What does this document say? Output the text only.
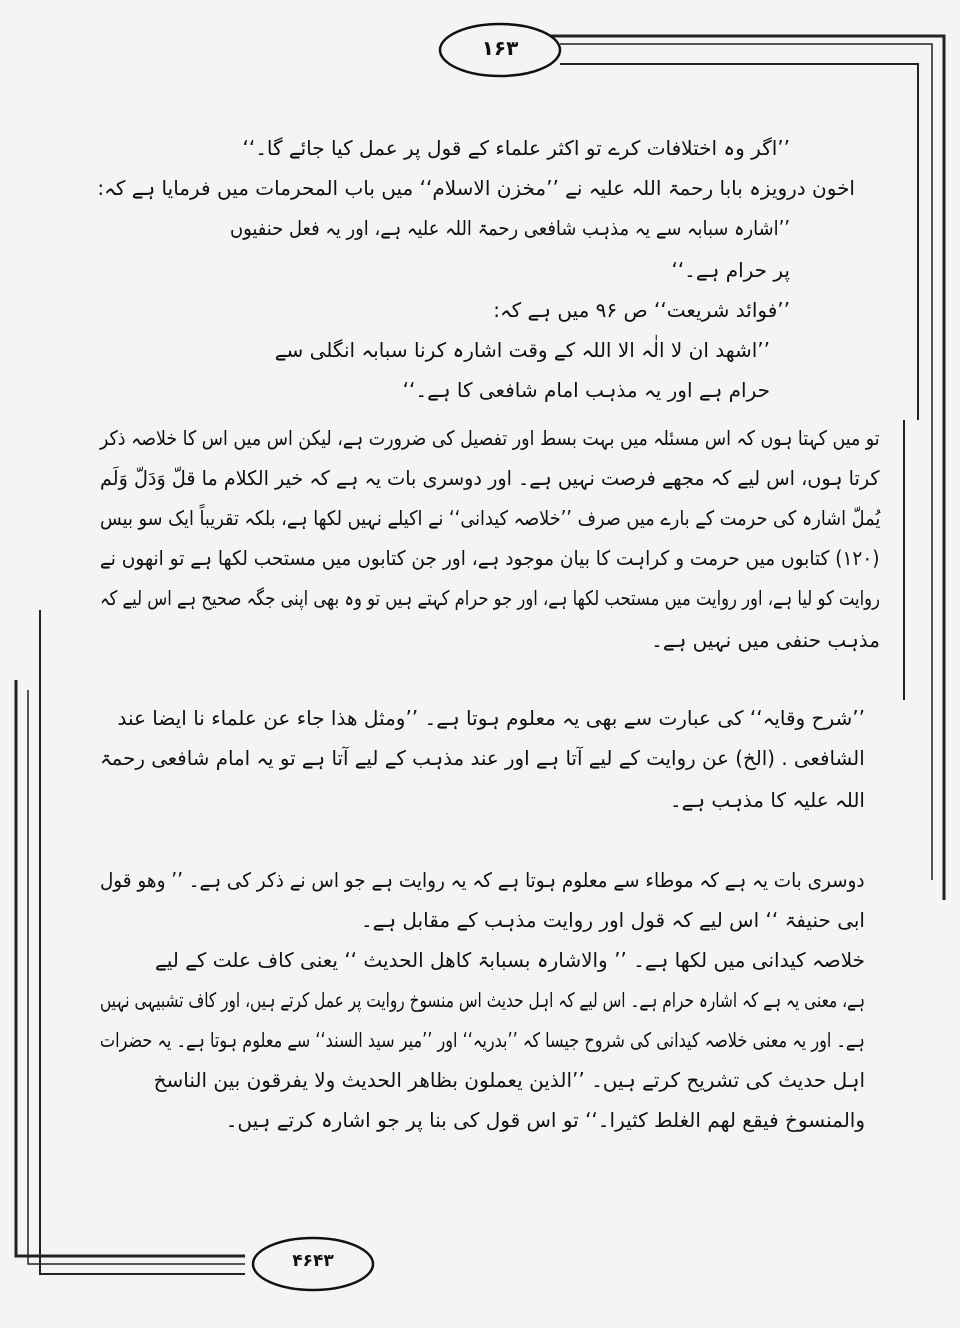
۱۶۳
۴۶۴۳
’’اگر وہ اختلافات کرے تو اکثر علماء کے قول پر عمل کیا جائے گا۔‘‘
اخون درویزہ بابا رحمۃ اللہ علیہ نے ’’مخزن الاسلام‘‘ میں باب المحرمات میں فرمایا ہے کہ:
’’اشارہ سبابہ سے یہ مذہب شافعی رحمۃ اللہ علیہ ہے، اور یہ فعل حنفیوں
پر حرام ہے۔‘‘
’’فوائد شریعت‘‘ ص ۹۶ میں ہے کہ:
’’اشھد ان لا الٰہ الا اللہ کے وقت اشارہ کرنا سبابہ انگلی سے
حرام ہے اور یہ مذہب امام شافعی کا ہے۔‘‘
تو میں کہتا ہوں کہ اس مسئلہ میں بہت بسط اور تفصیل کی ضرورت ہے، لیکن اس میں اس کا خلاصہ ذکر
کرتا ہوں، اس لیے کہ مجھے فرصت نہیں ہے۔ اور دوسری بات یہ ہے کہ خیر الکلام ما قلّ وَدَلّ وَلَم
یُملّ اشارہ کی حرمت کے بارے میں صرف ’’خلاصہ کیدانی‘‘ نے اکیلے نہیں لکھا ہے، بلکہ تقریباً ایک سو بیس
(۱۲۰) کتابوں میں حرمت و کراہت کا بیان موجود ہے، اور جن کتابوں میں مستحب لکھا ہے تو انھوں نے
روایت کو لیا ہے، اور روایت میں مستحب لکھا ہے، اور جو حرام کہتے ہیں تو وہ بھی اپنی جگہ صحیح ہے اس لیے کہ
مذہب حنفی میں نہیں ہے۔
’’شرح وقایہ‘‘ کی عبارت سے بھی یہ معلوم ہوتا ہے۔ ’’ومثل ھذا جاء عن علماء نا ایضا عند
الشافعی . (الخ) عن روایت کے لیے آتا ہے اور عند مذہب کے لیے آتا ہے تو یہ امام شافعی رحمۃ
اللہ علیہ کا مذہب ہے۔
دوسری بات یہ ہے کہ موطاء سے معلوم ہوتا ہے کہ یہ روایت ہے جو اس نے ذکر کی ہے۔ ’’ وھو قول
ابی حنیفۃ ‘‘ اس لیے کہ قول اور روایت مذہب کے مقابل ہے۔
خلاصہ کیدانی میں لکھا ہے۔ ’’ والاشارہ بسبابۃ کاھل الحدیث ‘‘ یعنی کاف علت کے لیے
ہے، معنی یہ ہے کہ اشارہ حرام ہے۔ اس لیے کہ اہل حدیث اس منسوخ روایت پر عمل کرتے ہیں، اور کاف تشبیہی نہیں
ہے۔ اور یہ معنی خلاصہ کیدانی کی شروح جیسا کہ ’’بدریہ‘‘ اور ’’میر سید السند‘‘ سے معلوم ہوتا ہے۔ یہ حضرات
اہل حدیث کی تشریح کرتے ہیں۔ ’’الذین یعملون بظاھر الحدیث ولا یفرقون بین الناسخ
والمنسوخ فیقع لھم الغلط کثیرا۔‘‘ تو اس قول کی بنا پر جو اشارہ کرتے ہیں۔
